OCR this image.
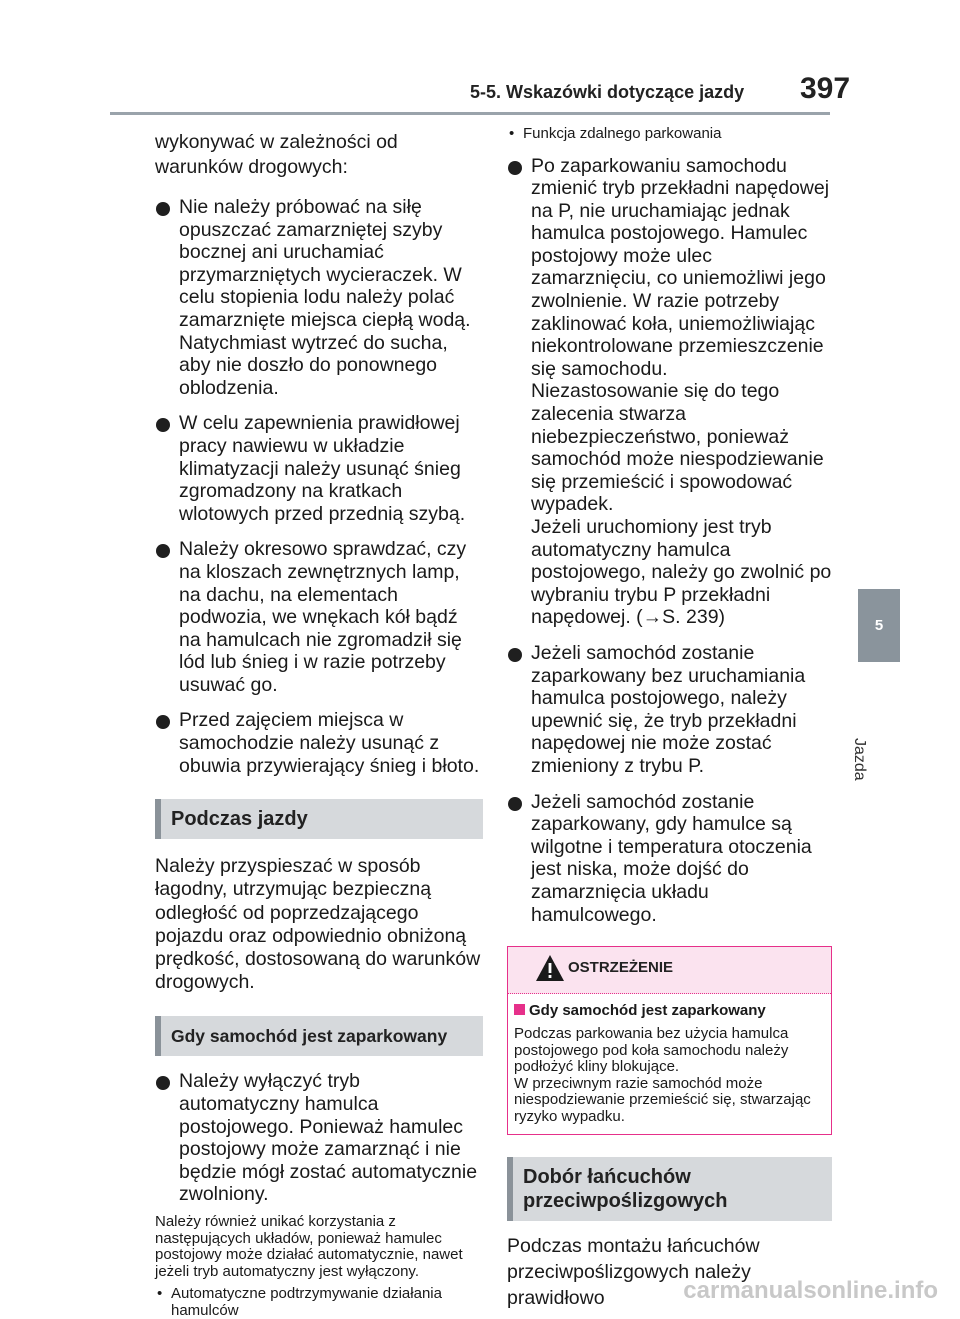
5-5. Wskazówki dotyczące jazdy 397

wykonywać w zależności od warunków drogowych:

Nie należy próbować na siłę opuszczać zamarzniętej szyby bocznej ani uruchamiać przymarzniętych wycieraczek. W celu stopienia lodu należy polać zamarznięte miejsca ciepłą wodą. Natychmiast wytrzeć do sucha, aby nie doszło do ponownego oblodzenia.

W celu zapewnienia prawidłowej pracy nawiewu w układzie klimatyzacji należy usunąć śnieg zgromadzony na kratkach wlotowych przed przednią szybą.

Należy okresowo sprawdzać, czy na kloszach zewnętrznych lamp, na dachu, na elementach podwozia, we wnękach kół bądź na hamulcach nie zgromadził się lód lub śnieg i w razie potrzeby usuwać go.

Przed zajęciem miejsca w samochodzie należy usunąć z obuwia przywierający śnieg i błoto.

Podczas jazdy

Należy przyspieszać w sposób łagodny, utrzymując bezpieczną odległość od poprzedzającego pojazdu oraz odpowiednio obniżoną prędkość, dostosowaną do warunków drogowych.

Gdy samochód jest zaparkowany

Należy wyłączyć tryb automatyczny hamulca postojowego. Ponieważ hamulec postojowy może zamarznąć i nie będzie mógł zostać automatycznie zwolniony.

Należy również unikać korzystania z następujących układów, ponieważ hamulec postojowy może działać automatycznie, nawet jeżeli tryb automatyczny jest wyłączony.

• Automatyczne podtrzymywanie działania hamulców

• Funkcja zdalnego parkowania

Po zaparkowaniu samochodu zmienić tryb przekładni napędowej na P, nie uruchamiając jednak hamulca postojowego. Hamulec postojowy może ulec zamarznięciu, co uniemożliwi jego zwolnienie. W razie potrzeby zaklinować koła, uniemożliwiając niekontrolowane przemieszczenie się samochodu.
Niezastosowanie się do tego zalecenia stwarza niebezpieczeństwo, ponieważ samochód może niespodziewanie się przemieścić i spowodować wypadek.
Jeżeli uruchomiony jest tryb automatyczny hamulca postojowego, należy go zwolnić po wybraniu trybu P przekładni napędowej. (→S. 239)

Jeżeli samochód zostanie zaparkowany bez uruchamiania hamulca postojowego, należy upewnić się, że tryb przekładni napędowej nie może zostać zmieniony z trybu P.

Jeżeli samochód zostanie zaparkowany, gdy hamulce są wilgotne i temperatura otoczenia jest niska, może dojść do zamarznięcia układu hamulcowego.

OSTRZEŻENIE

Gdy samochód jest zaparkowany

Podczas parkowania bez użycia hamulca postojowego pod koła samochodu należy podłożyć kliny blokujące.
W przeciwnym razie samochód może niespodziewanie przemieścić się, stwarzając ryzyko wypadku.

Dobór łańcuchów przeciwpoślizgowych

Podczas montażu łańcuchów przeciwpoślizgowych należy prawidłowo

5
Jazda
carmanualsonline.info
